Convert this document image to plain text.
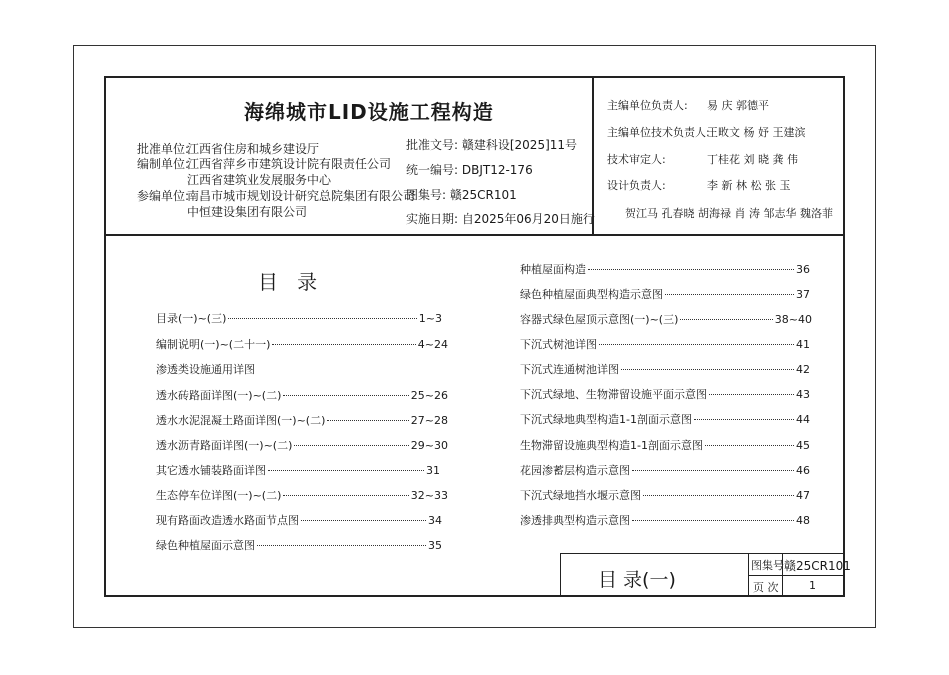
海绵城市LID设施工程构造
批准单位:
江西省住房和城乡建设厅
编制单位:
江西省萍乡市建筑设计院有限责任公司
江西省建筑业发展服务中心
参编单位:
南昌市城市规划设计研究总院集团有限公司
中恒建设集团有限公司
批准文号: 赣建科设[2025]11号
统一编号: DBJT12-176
图集号: 赣25CR101
实施日期: 自2025年06月20日施行
主编单位负责人: 易 庆 郭德平
主编单位技术负责人:
王畋文 杨 妤 王建滨
技术审定人:	丁桂花 刘 晓 龚 伟
设计负责人:	李 新 林 松 张 玉
贺江马 孔春晓 胡海禄 肖 涛 邹志华 魏洛菲
目   录
目录(一)~(三)	1~3
编制说明(一)~(二十一)	4~24
渗透类设施通用详图
透水砖路面详图(一)~(二)	25~26
透水水泥混凝土路面详图(一)~(二)	27~28
透水沥青路面详图(一)~(二)	29~30
其它透水铺装路面详图	31
生态停车位详图(一)~(二)	32~33
现有路面改造透水路面节点图	34
绿色种植屋面示意图	35
种植屋面构造	36
绿色种植屋面典型构造示意图	37
容器式绿色屋顶示意图(一)~(三)	38~40
下沉式树池详图	41
下沉式连通树池详图	42
下沉式绿地、生物滞留设施平面示意图	43
下沉式绿地典型构造1-1剖面示意图	44
生物滞留设施典型构造1-1剖面示意图	45
花园渗蓄层构造示意图	46
下沉式绿地挡水堰示意图	47
渗透排典型构造示意图	48
目 录(一)
图集号 赣25CR101
页 次	1
